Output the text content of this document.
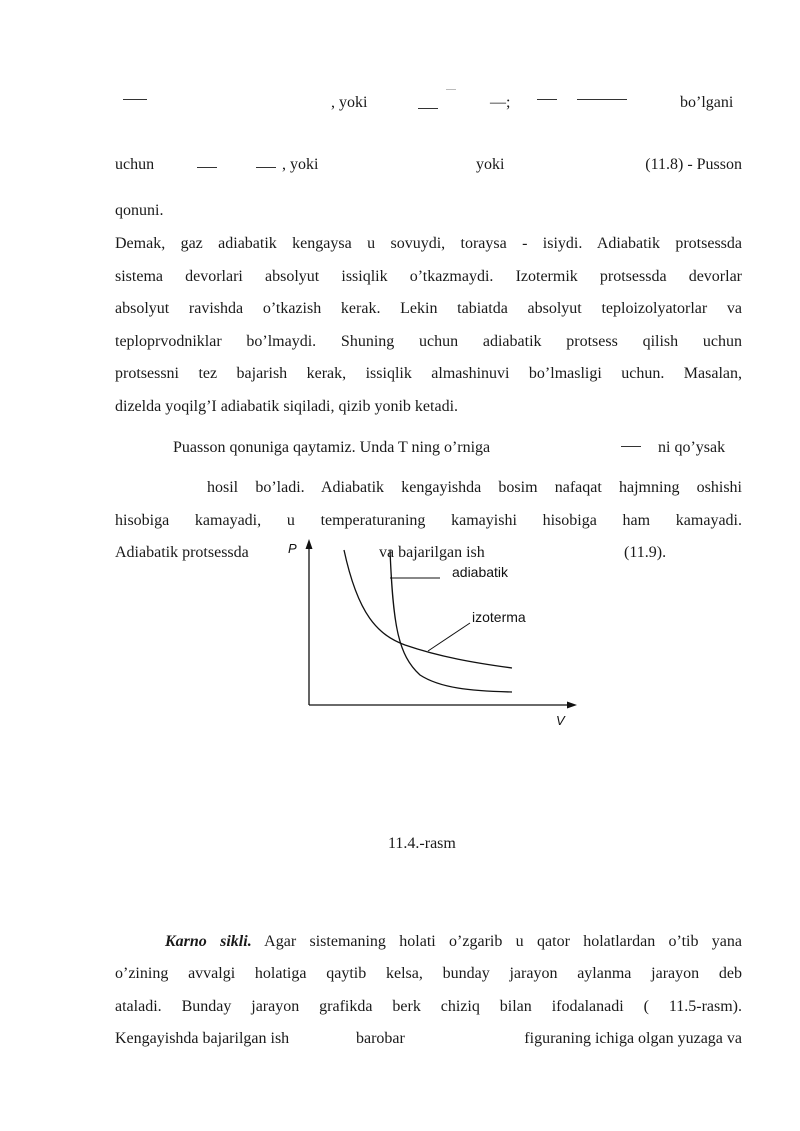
, yoki	—;	bo’lgani
uchun	, yoki	yoki	(11.8) - Pusson
qonuni.
Demak, gaz adiabatik kengaysa u sovuydi, toraysa - isiydi. Adiabatik protsessda
sistema devorlari absolyut issiqlik o’tkazmaydi. Izotermik protsessda devorlar
absolyut ravishda o’tkazish kerak. Lekin tabiatda absolyut teploizolyatorlar va
teploprvodniklar bo’lmaydi. Shuning uchun adiabatik protsess qilish uchun
protsessni tez bajarish kerak, issiqlik almashinuvi bo’lmasligi uchun. Masalan,
dizelda yoqilg’I adiabatik siqiladi, qizib yonib ketadi.
Puasson qonuniga qaytamiz. Unda T ning o’rniga	ni qo’ysak
hosil bo’ladi. Adiabatik kengayishda bosim nafaqat hajmning oshishi
hisobiga kamayadi, u temperaturaning kamayishi hisobiga ham kamayadi.
Adiabatik protsessda	va bajarilgan ish	(11.9).
P
V
adiabatik
izoterma
11.4.-rasm
Karno sikli. Agar sistemaning holati o’zgarib u qator holatlardan o’tib yana
o’zining avvalgi holatiga qaytib kelsa, bunday jarayon aylanma jarayon deb
ataladi. Bunday jarayon grafikda berk chiziq bilan ifodalanadi ( 11.5-rasm).
Kengayishda bajarilgan ish	barobar	figuraning ichiga olgan yuzaga va
